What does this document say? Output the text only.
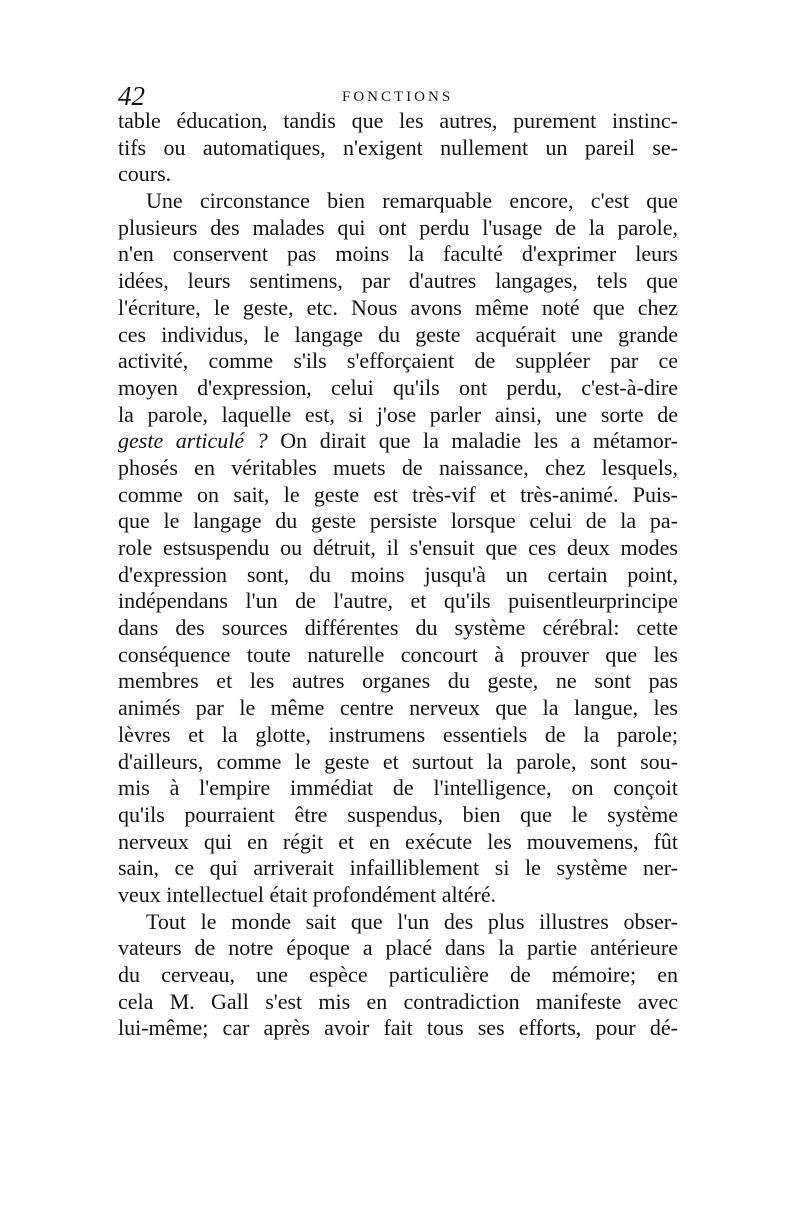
42	FONCTIONS
table éducation, tandis que les autres, purement instinc-
tifs ou automatiques, n'exigent nullement un pareil se-
cours.
Une circonstance bien remarquable encore, c'est que
plusieurs des malades qui ont perdu l'usage de la parole,
n'en conservent pas moins la faculté d'exprimer leurs
idées, leurs sentimens, par d'autres langages, tels que
l'écriture, le geste, etc. Nous avons même noté que chez
ces individus, le langage du geste acquérait une grande
activité, comme s'ils s'efforçaient de suppléer par ce
moyen d'expression, celui qu'ils ont perdu, c'est-à-dire
la parole, laquelle est, si j'ose parler ainsi, une sorte de
geste articulé ? On dirait que la maladie les a métamor-
phosés en véritables muets de naissance, chez lesquels,
comme on sait, le geste est très-vif et très-animé. Puis-
que le langage du geste persiste lorsque celui de la pa-
role estsuspendu ou détruit, il s'ensuit que ces deux modes
d'expression sont, du moins jusqu'à un certain point,
indépendans l'un de l'autre, et qu'ils puisentleurprincipe
dans des sources différentes du système cérébral: cette
conséquence toute naturelle concourt à prouver que les
membres et les autres organes du geste, ne sont pas
animés par le même centre nerveux que la langue, les
lèvres et la glotte, instrumens essentiels de la parole;
d'ailleurs, comme le geste et surtout la parole, sont sou-
mis à l'empire immédiat de l'intelligence, on conçoit
qu'ils pourraient être suspendus, bien que le système
nerveux qui en régit et en exécute les mouvemens, fût
sain, ce qui arriverait infailliblement si le système ner-
veux intellectuel était profondément altéré.
Tout le monde sait que l'un des plus illustres obser-
vateurs de notre époque a placé dans la partie antérieure
du cerveau, une espèce particulière de mémoire; en
cela M. Gall s'est mis en contradiction manifeste avec
lui-même; car après avoir fait tous ses efforts, pour dé-
